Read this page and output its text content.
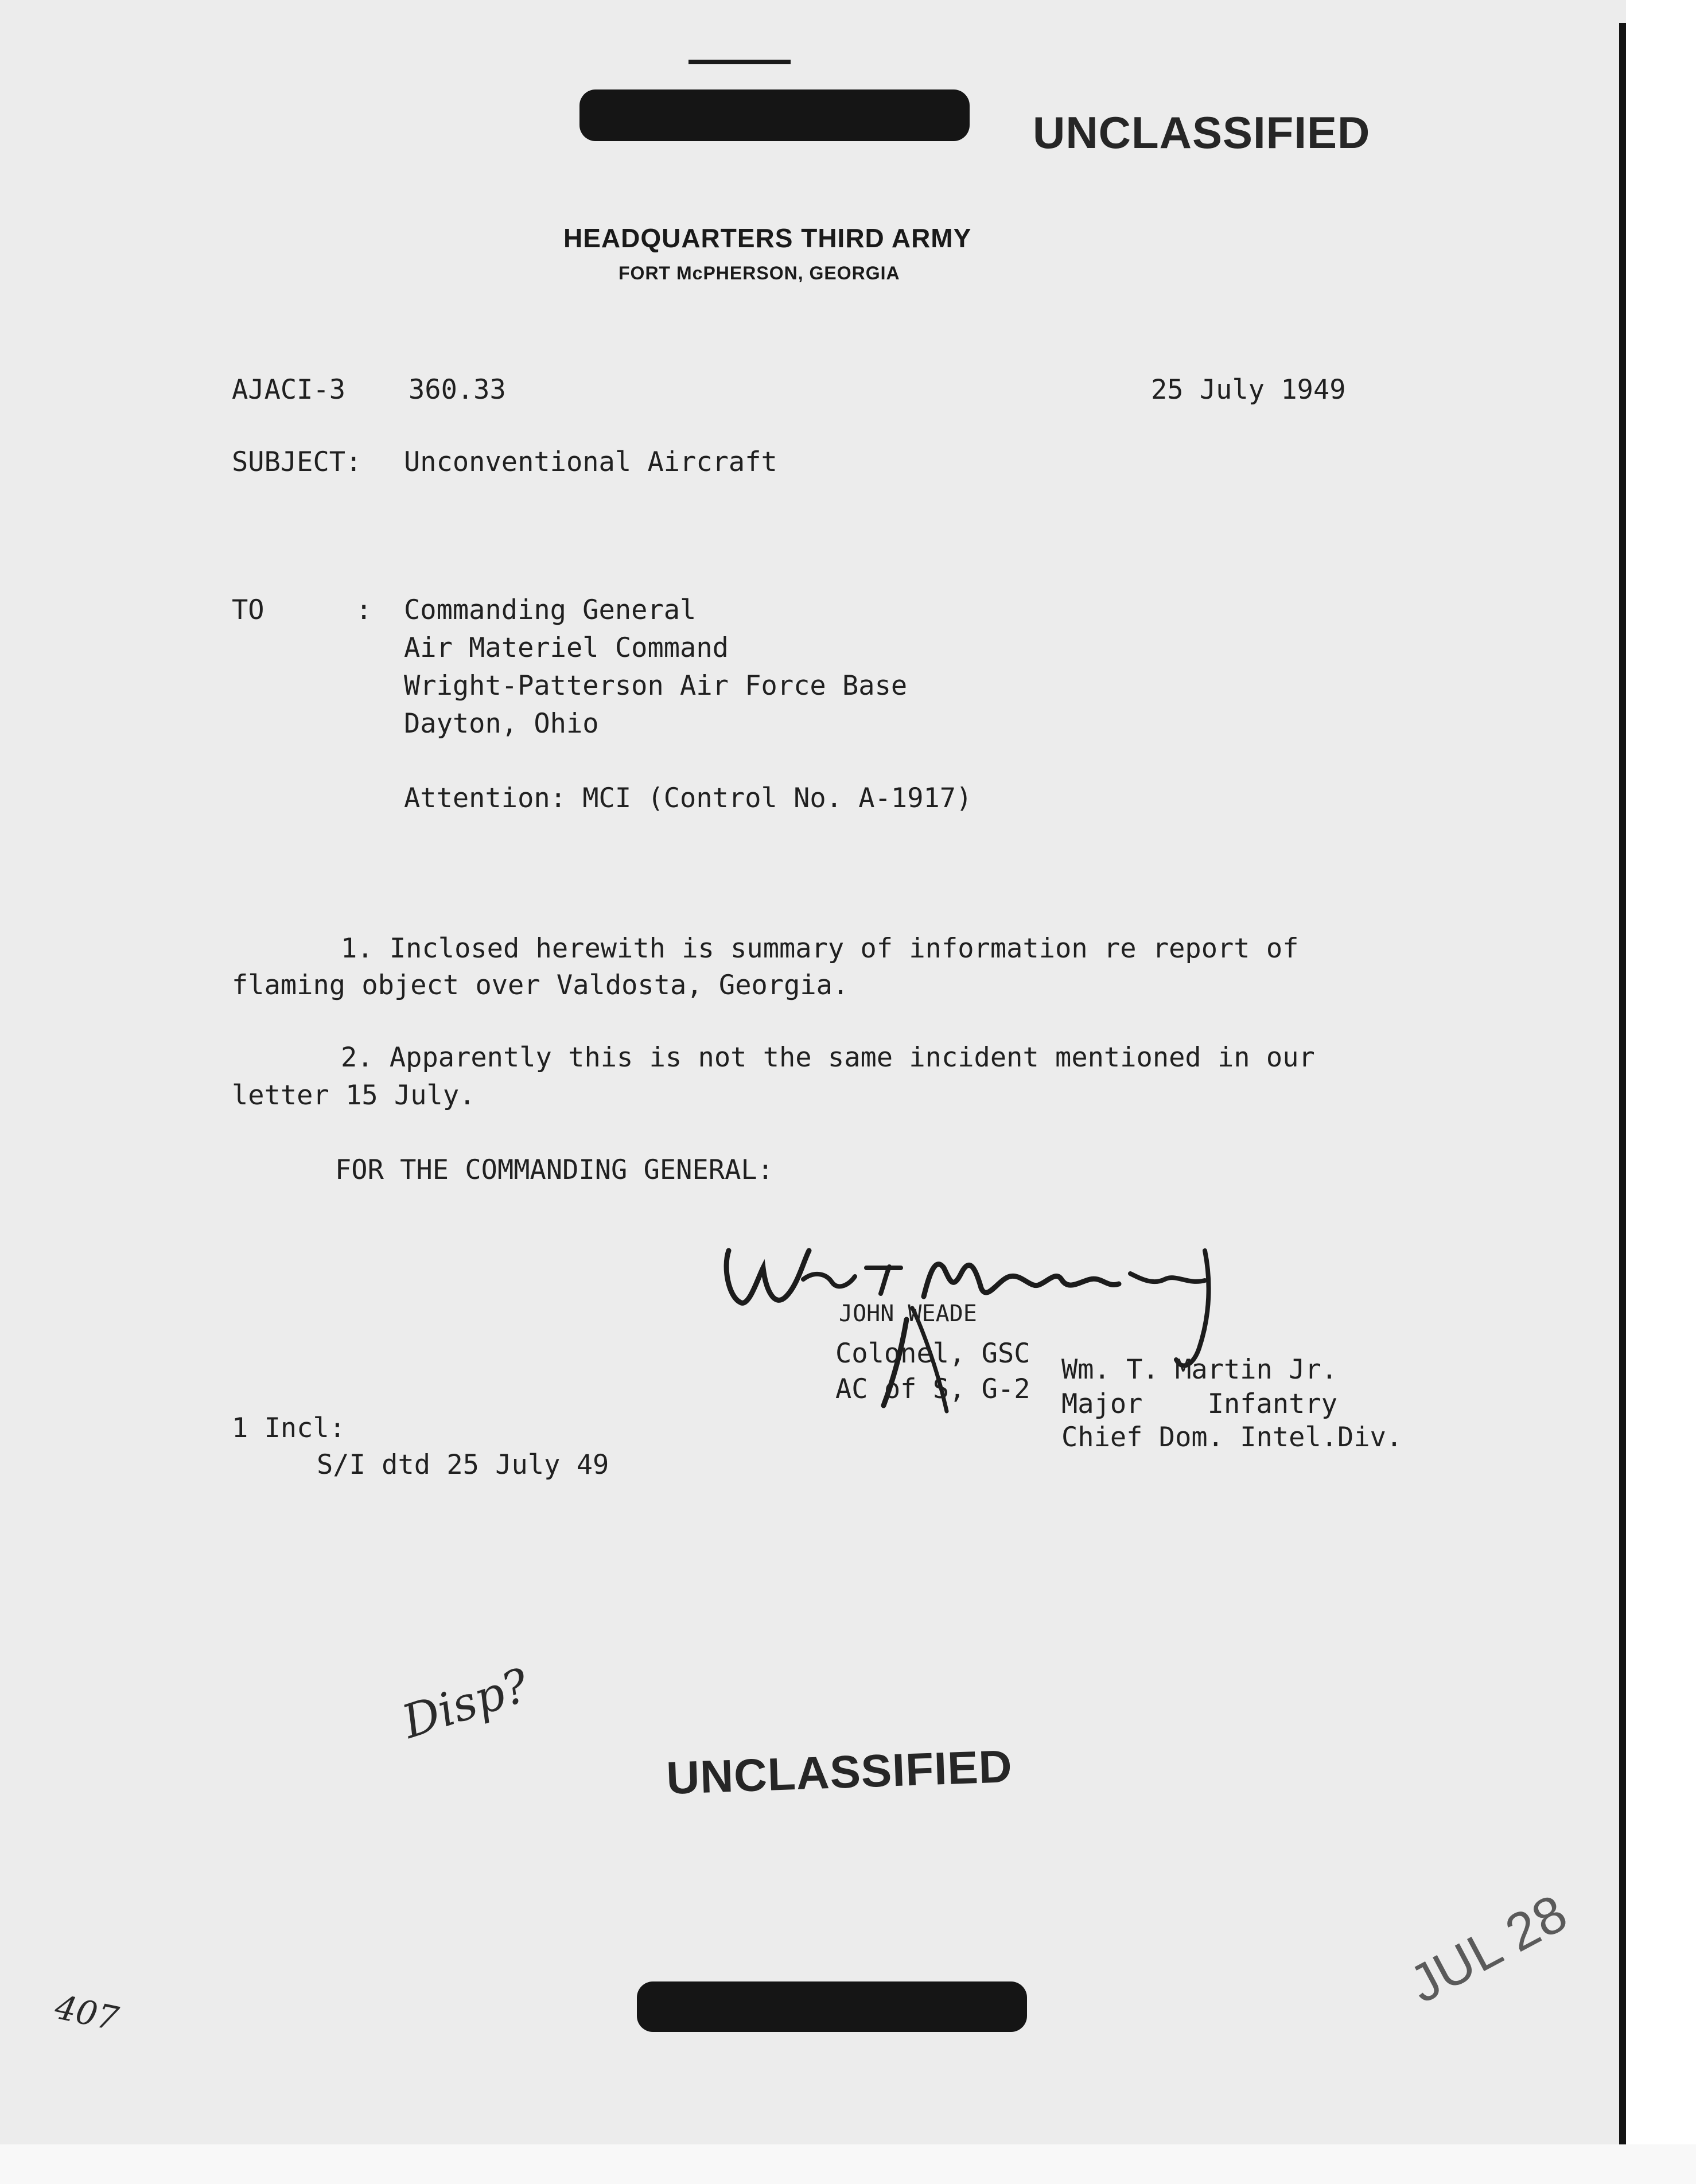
UNCLASSIFIED
HEADQUARTERS THIRD ARMY
FORT McPHERSON, GEORGIA
AJACI-3 360.33	25 July 1949
SUBJECT: Unconventional Aircraft
TO	: Commanding General
Air Materiel Command
Wright-Patterson Air Force Base
Dayton, Ohio
Attention: MCI (Control No. A-1917)
1. Inclosed herewith is summary of information re report of
flaming object over Valdosta, Georgia.
2. Apparently this is not the same incident mentioned in our
letter 15 July.
FOR THE COMMANDING GENERAL:
JOHN WEADE
Colonel, GSC
AC of S, G-2
Wm. T. Martin Jr.
Major    Infantry
Chief Dom. Intel.Div.
1 Incl:
S/I dtd 25 July 49
Disp?
UNCLASSIFIED
407	JUL 28
